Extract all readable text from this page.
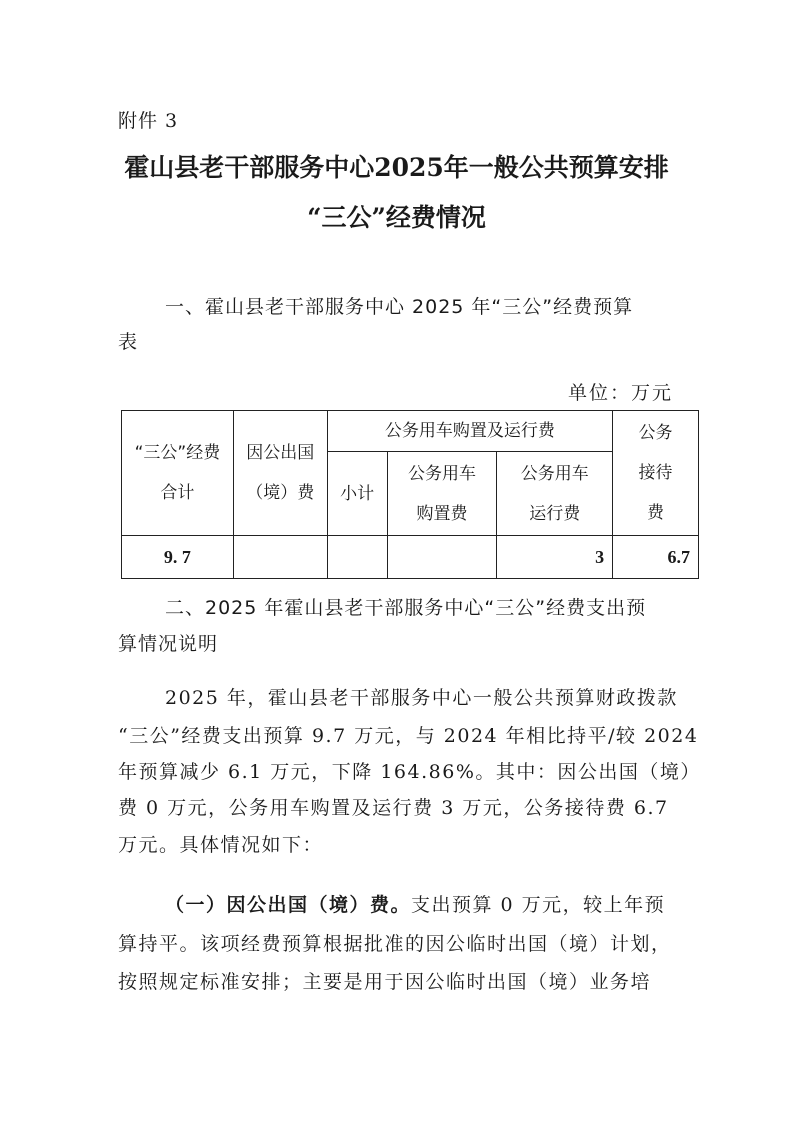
附件 3
霍山县老干部服务中心2025年一般公共预算安排
“三公”经费情况
一、霍山县老干部服务中心 2025 年“三公”经费预算
表
单位：万元
“三公”经费合计	因公出国（境）费	公务用车购置及运行费			公务接待费
		小计	公务用车购置费	公务用车运行费	
9. 7				3	6.7
二、2025 年霍山县老干部服务中心“三公”经费支出预
算情况说明
2025 年，霍山县老干部服务中心一般公共预算财政拨款
“三公”经费支出预算 9.7 万元，与 2024 年相比持平/较 2024
年预算减少 6.1 万元，下降 164.86%。其中：因公出国（境）
费 0 万元，公务用车购置及运行费 3 万元，公务接待费 6.7
万元。具体情况如下：
（一）因公出国（境）费。支出预算 0 万元，较上年预
算持平。该项经费预算根据批准的因公临时出国（境）计划，
按照规定标准安排；主要是用于因公临时出国（境）业务培
